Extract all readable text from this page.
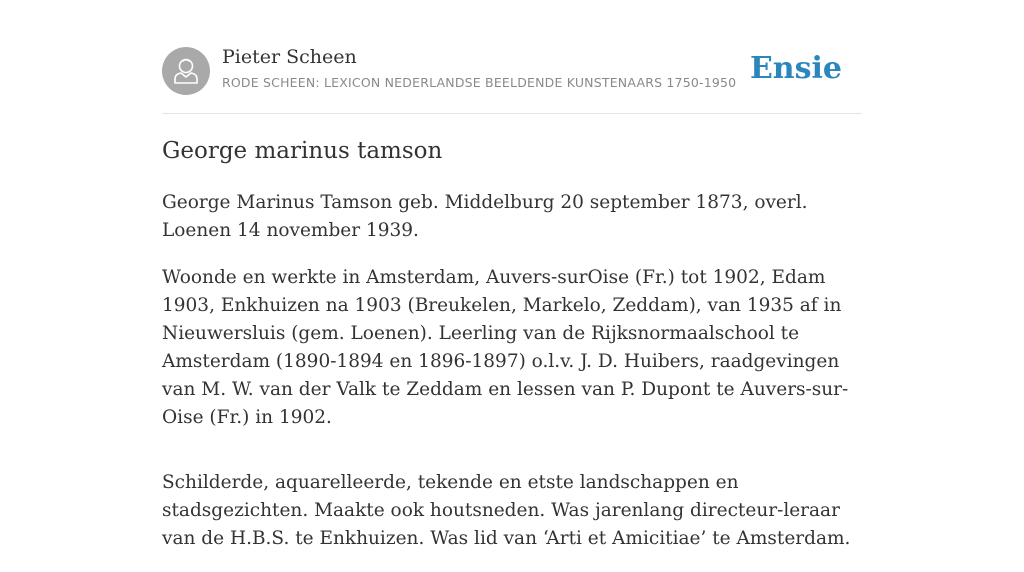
Pieter Scheen
RODE SCHEEN: LEXICON NEDERLANDSE BEELDENDE KUNSTENAARS 1750-1950 Ensie
George marinus tamson

George Marinus Tamson geb. Middelburg 20 september 1873, overl. Loenen 14 november 1939.

Woonde en werkte in Amsterdam, Auvers-surOise (Fr.) tot 1902, Edam 1903, Enkhuizen na 1903 (Breukelen, Markelo, Zeddam), van 1935 af in Nieuwersluis (gem. Loenen). Leerling van de Rijksnormaalschool te Amsterdam (1890-1894 en 1896-1897) o.l.v. J. D. Huibers, raadgevingen van M. W. van der Valk te Zeddam en lessen van P. Dupont te Auvers-sur-Oise (Fr.) in 1902.

Schilderde, aquarelleerde, tekende en etste landschappen en stadsgezichten. Maakte ook houtsneden. Was jarenlang directeur-leraar van de H.B.S. te Enkhuizen. Was lid van ‘Arti et Amicitiae’ te Amsterdam.
